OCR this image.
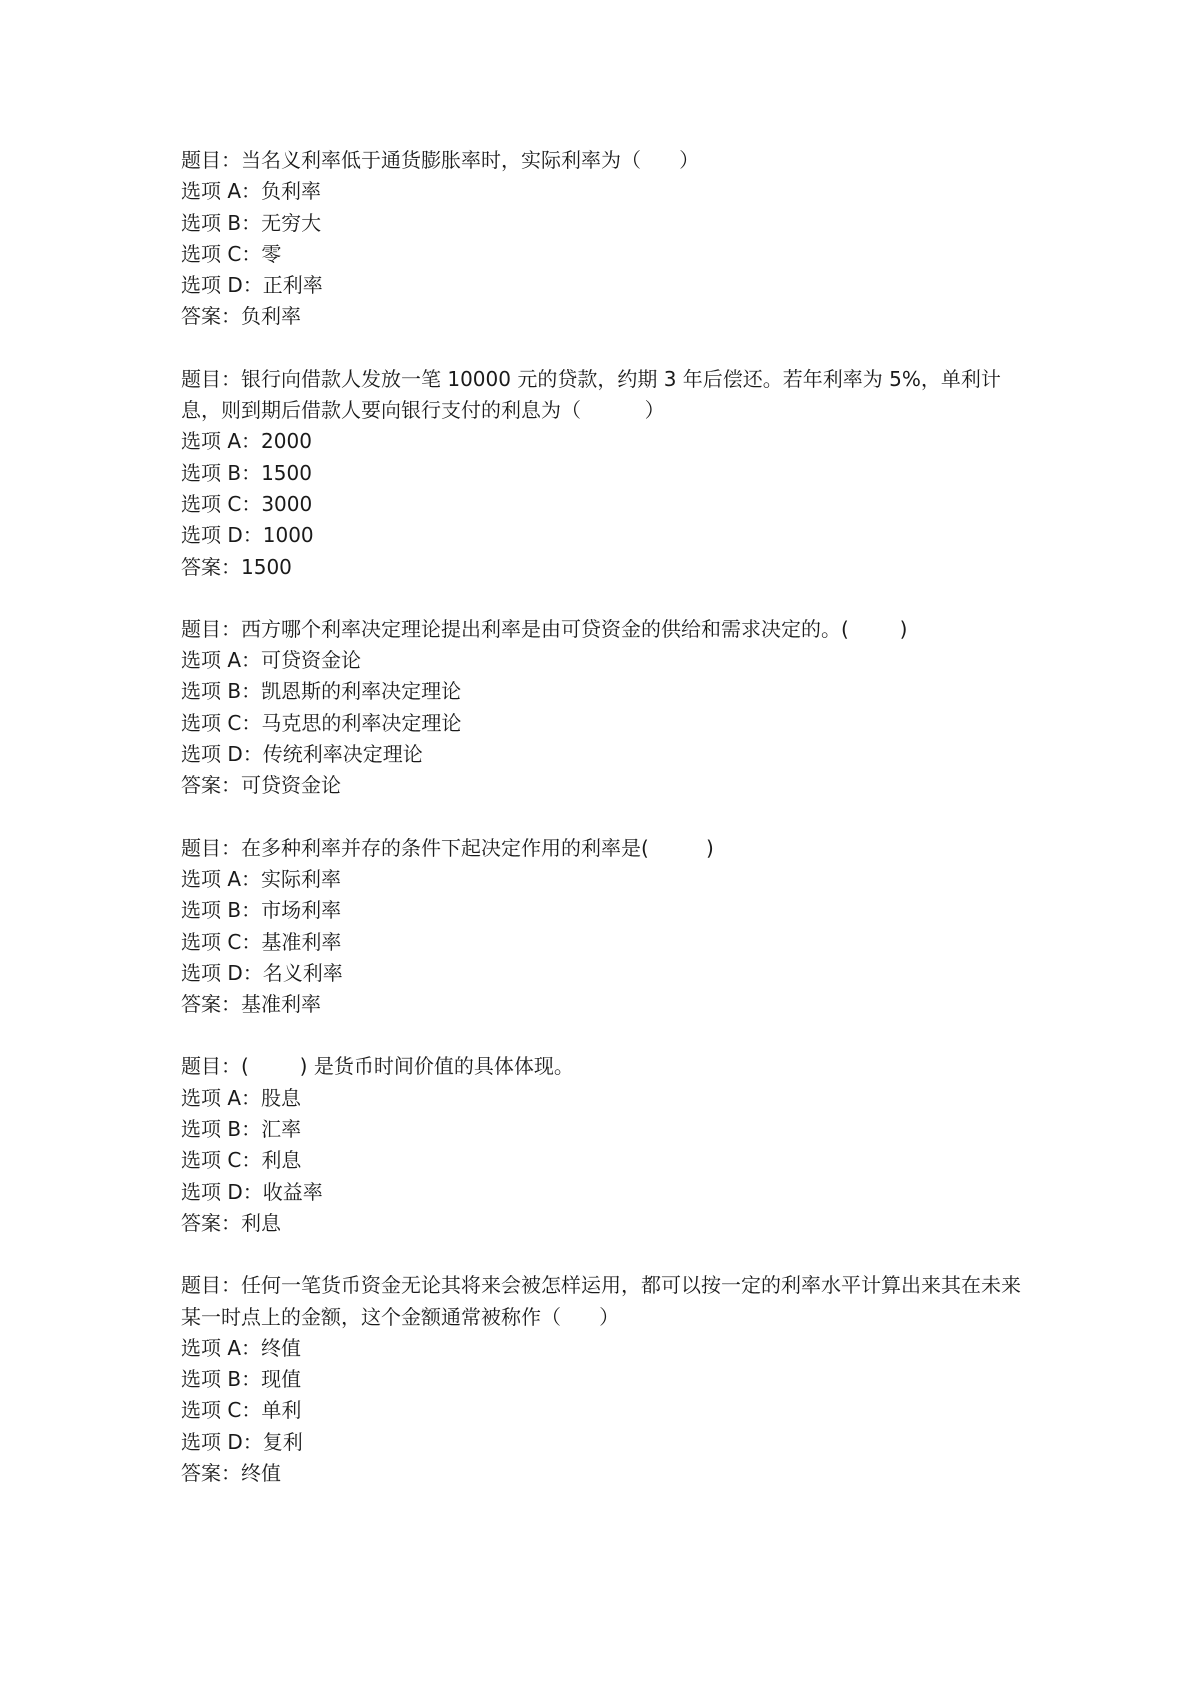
题目：当名义利率低于通货膨胀率时，实际利率为（      ）
选项 A：负利率
选项 B：无穷大
选项 C：零
选项 D：正利率
答案：负利率
题目：银行向借款人发放一笔 10000 元的贷款，约期 3 年后偿还。若年利率为 5%，单利计息，则到期后借款人要向银行支付的利息为（          ）
选项 A：2000
选项 B：1500
选项 C：3000
选项 D：1000
答案：1500
题目：西方哪个利率决定理论提出利率是由可贷资金的供给和需求决定的。(        )
选项 A：可贷资金论
选项 B：凯恩斯的利率决定理论
选项 C：马克思的利率决定理论
选项 D：传统利率决定理论
答案：可贷资金论
题目：在多种利率并存的条件下起决定作用的利率是(         )
选项 A：实际利率
选项 B：市场利率
选项 C：基准利率
选项 D：名义利率
答案：基准利率
题目：(        ) 是货币时间价值的具体体现。
选项 A：股息
选项 B：汇率
选项 C：利息
选项 D：收益率
答案：利息
题目：任何一笔货币资金无论其将来会被怎样运用，都可以按一定的利率水平计算出来其在未来某一时点上的金额，这个金额通常被称作（      ）
选项 A：终值
选项 B：现值
选项 C：单利
选项 D：复利
答案：终值
